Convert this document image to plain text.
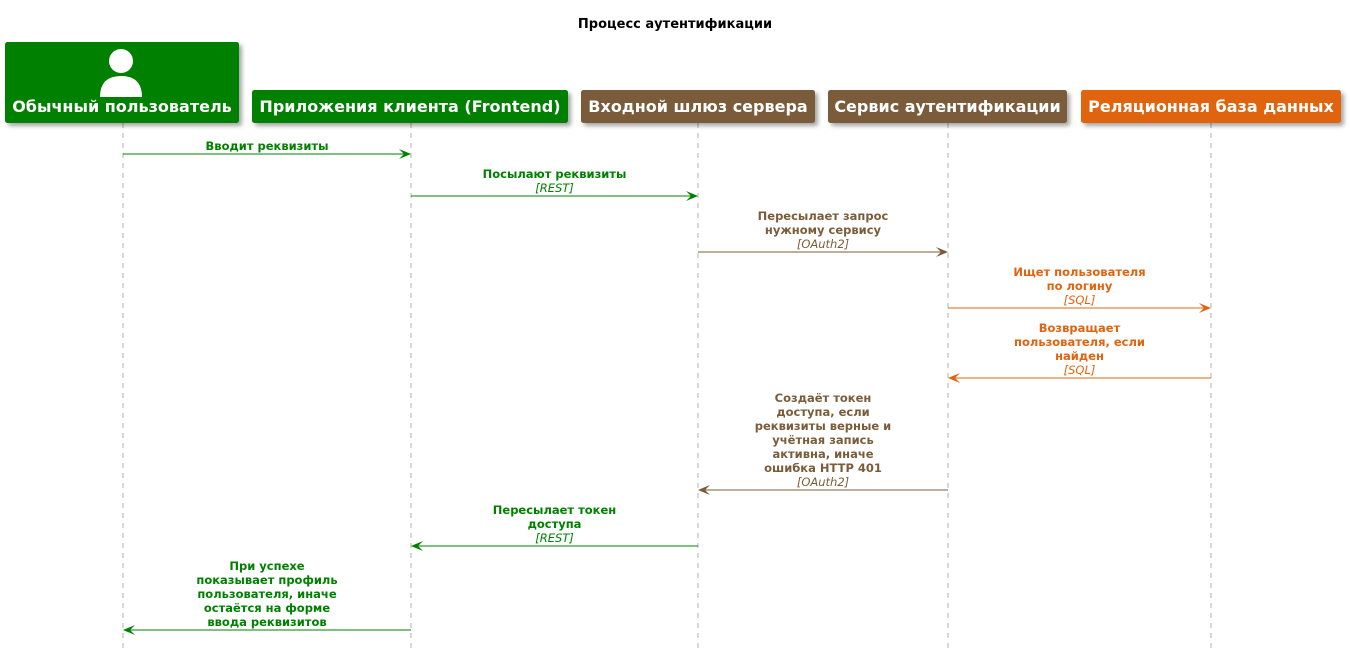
Процесс аутентификации
Обычный пользователь Приложения клиента (Frontend) Входной шлюз сервера Сервис аутентификации Реляционная база данных
Вводит реквизиты
Посылают реквизиты
[REST]
Пересылает запрос
нужному сервису
[OAuth2]
Ищет пользователя
по логину
[SQL]
Возвращает
пользователя, если
найден
[SQL]
Создаёт токен
доступа, если
реквизиты верные и
учётная запись
активна, иначе
ошибка HTTP 401
[OAuth2]
Пересылает токен
доступа
[REST]
При успехе
показывает профиль
пользователя, иначе
остаётся на форме
ввода реквизитов
